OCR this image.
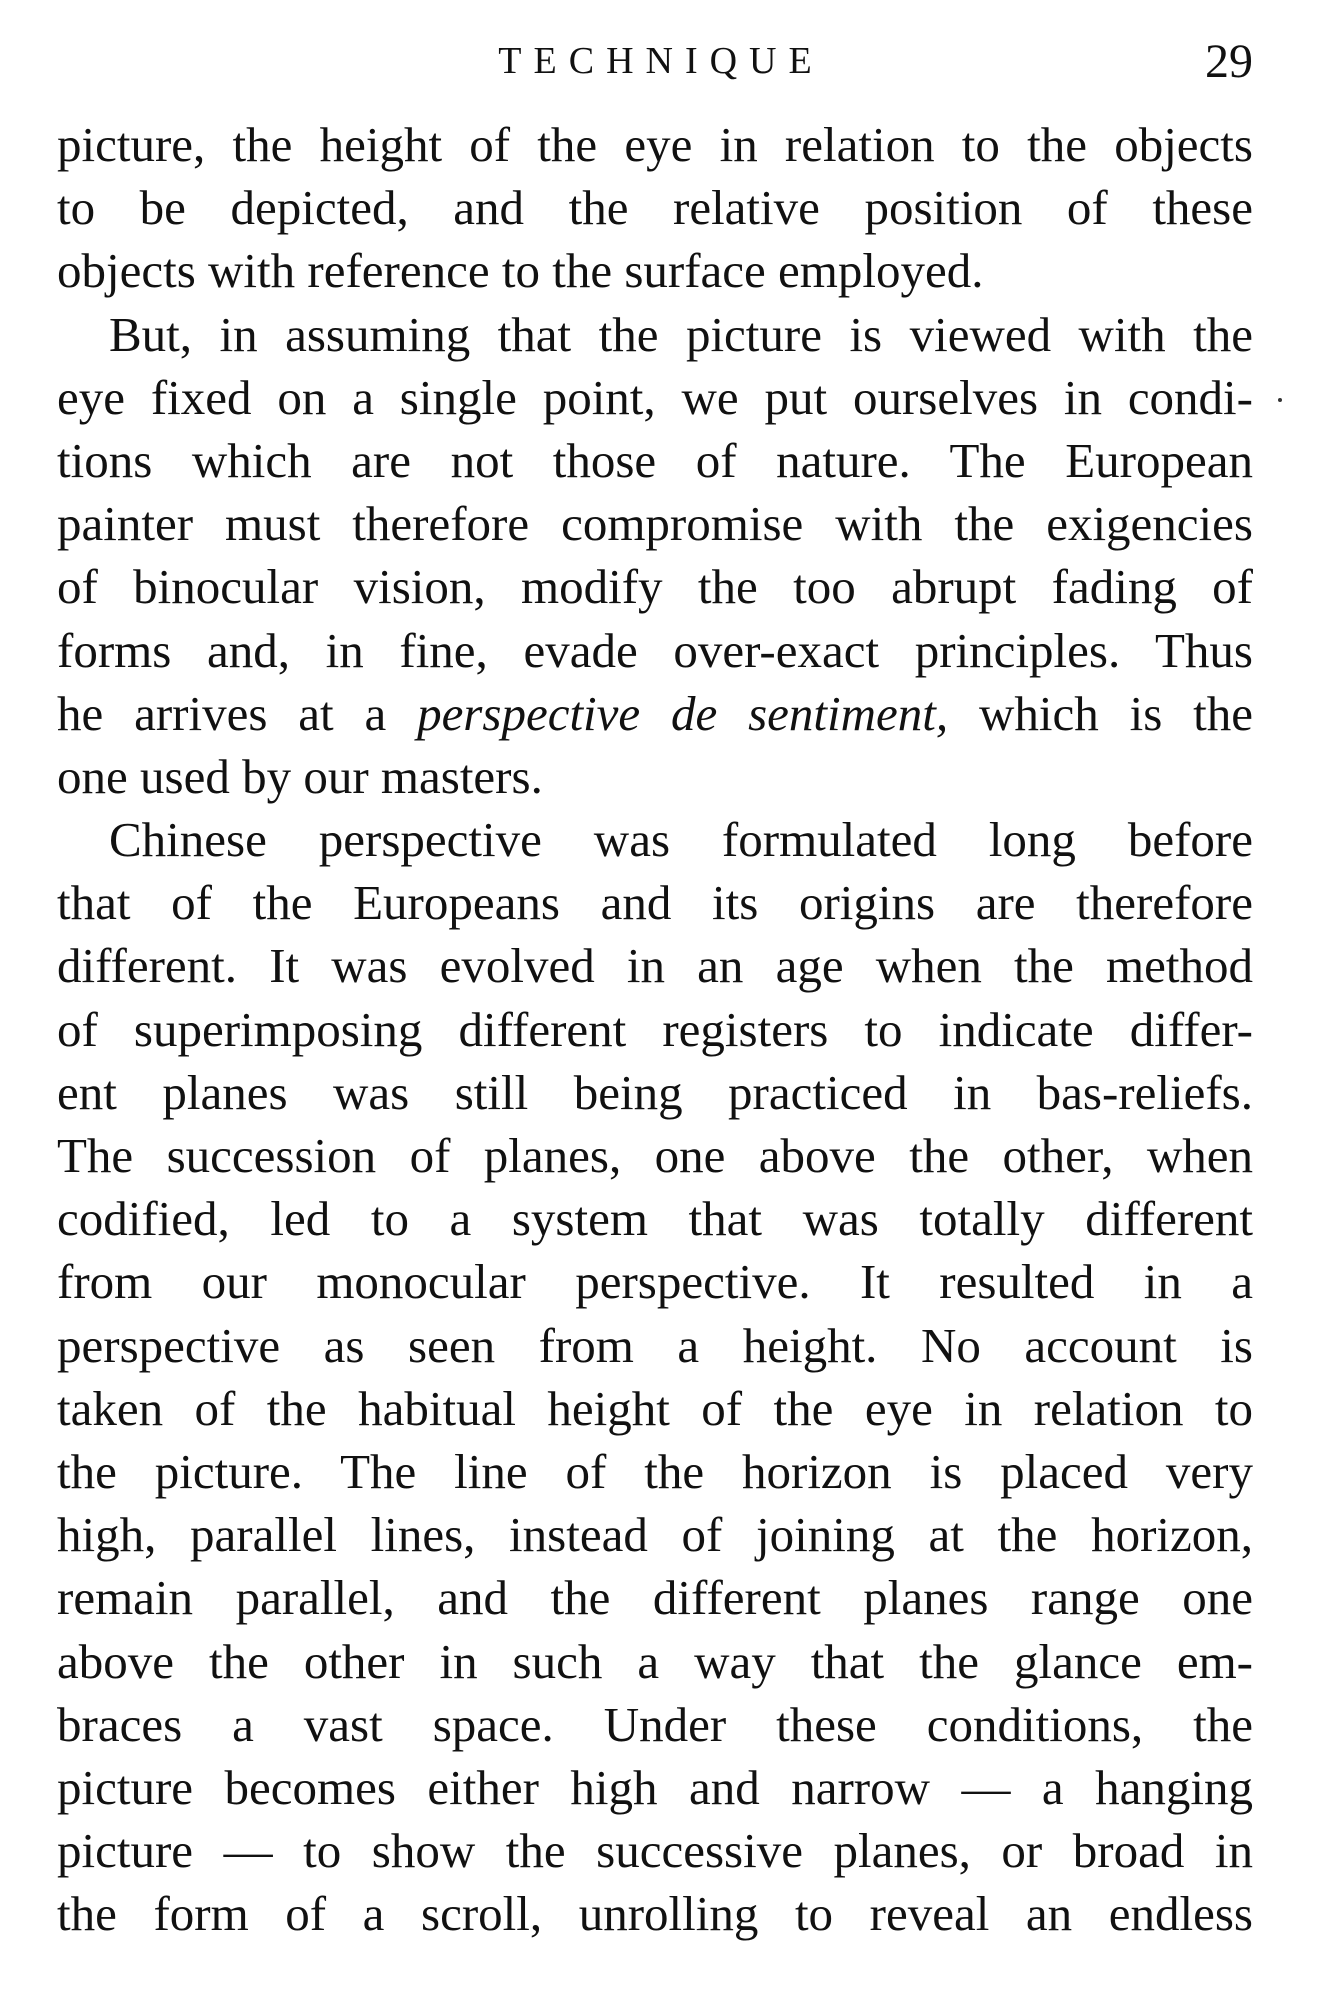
TECHNIQUE	29
picture, the height of the eye in relation to the objects
to be depicted, and the relative position of these
objects with reference to the surface employed.
But, in assuming that the picture is viewed with the
eye fixed on a single point, we put ourselves in condi-
tions which are not those of nature. The European
painter must therefore compromise with the exigencies
of binocular vision, modify the too abrupt fading of
forms and, in fine, evade over-exact principles. Thus
he arrives at a perspective de sentiment, which is the
one used by our masters.
Chinese perspective was formulated long before
that of the Europeans and its origins are therefore
different. It was evolved in an age when the method
of superimposing different registers to indicate differ-
ent planes was still being practiced in bas-reliefs.
The succession of planes, one above the other, when
codified, led to a system that was totally different
from our monocular perspective. It resulted in a
perspective as seen from a height. No account is
taken of the habitual height of the eye in relation to
the picture. The line of the horizon is placed very
high, parallel lines, instead of joining at the horizon,
remain parallel, and the different planes range one
above the other in such a way that the glance em-
braces a vast space. Under these conditions, the
picture becomes either high and narrow — a hanging
picture — to show the successive planes, or broad in
the form of a scroll, unrolling to reveal an endless
